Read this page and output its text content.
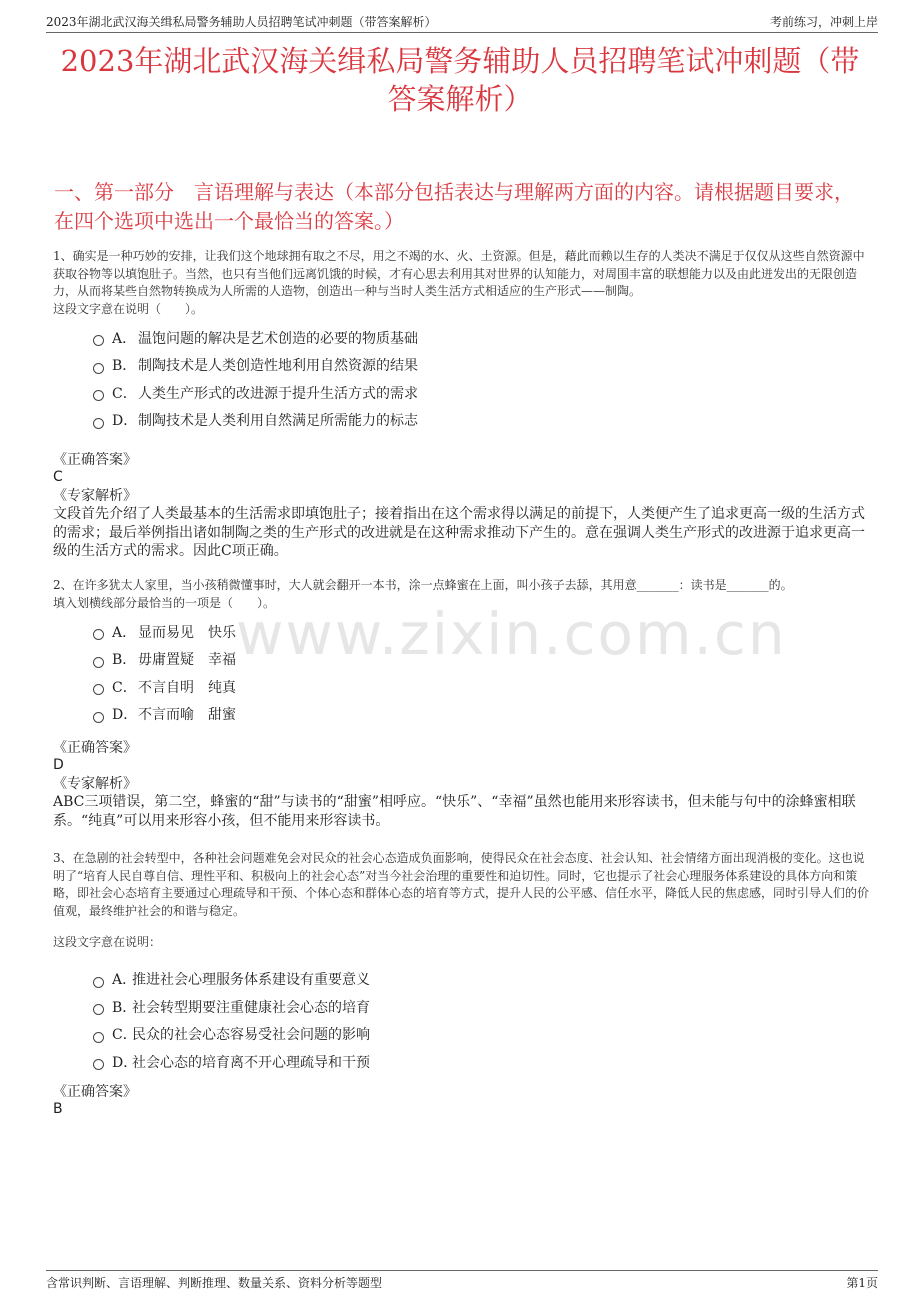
2023年湖北武汉海关缉私局警务辅助人员招聘笔试冲刺题（带答案解析）	考前练习，冲刺上岸
2023年湖北武汉海关缉私局警务辅助人员招聘笔试冲刺题（带答案解析）
一、第一部分　言语理解与表达（本部分包括表达与理解两方面的内容。请根据题目要求，在四个选项中选出一个最恰当的答案。）
www.zixin.com.cn

1、确实是一种巧妙的安排，让我们这个地球拥有取之不尽，用之不竭的水、火、土资源。但是，藉此而赖以生存的人类决不满足于仅仅从这些自然资源中获取谷物等以填饱肚子。当然，也只有当他们远离饥饿的时候，才有心思去利用其对世界的认知能力，对周围丰富的联想能力以及由此迸发出的无限创造力，从而将某些自然物转换成为人所需的人造物，创造出一种与当时人类生活方式相适应的生产形式——制陶。

这段文字意在说明（　　）。

A． 温饱问题的解决是艺术创造的必要的物质基础
B． 制陶技术是人类创造性地利用自然资源的结果
C． 人类生产形式的改进源于提升生活方式的需求
D． 制陶技术是人类利用自然满足所需能力的标志
《正确答案》
C
《专家解析》
文段首先介绍了人类最基本的生活需求即填饱肚子；接着指出在这个需求得以满足的前提下，人类便产生了追求更高一级的生活方式的需求；最后举例指出诸如制陶之类的生产形式的改进就是在这种需求推动下产生的。意在强调人类生产形式的改进源于追求更高一级的生活方式的需求。因此C项正确。

2、在许多犹太人家里，当小孩稍微懂事时，大人就会翻开一本书，涂一点蜂蜜在上面，叫小孩子去舔，其用意_______：读书是_______的。

填入划横线部分最恰当的一项是（　　）。

A． 显而易见　快乐
B． 毋庸置疑　幸福
C． 不言自明　纯真
D． 不言而喻　甜蜜
《正确答案》
D
《专家解析》
ABC三项错误，第二空，蜂蜜的“甜”与读书的“甜蜜”相呼应。“快乐”、“幸福”虽然也能用来形容读书，但未能与句中的涂蜂蜜相联系。“纯真”可以用来形容小孩，但不能用来形容读书。

3、在急剧的社会转型中，各种社会问题难免会对民众的社会心态造成负面影响，使得民众在社会态度、社会认知、社会情绪方面出现消极的变化。这也说明了“培育人民自尊自信、理性平和、积极向上的社会心态”对当今社会治理的重要性和迫切性。同时，它也提示了社会心理服务体系建设的具体方向和策略，即社会心态培育主要通过心理疏导和干预、个体心态和群体心态的培育等方式，提升人民的公平感、信任水平，降低人民的焦虑感，同时引导人们的价值观，最终维护社会的和谐与稳定。

这段文字意在说明：

A．
推进社会心理服务体系建设有重要意义
B．
社会转型期要注重健康社会心态的培育
C．
民众的社会心态容易受社会问题的影响
D．
社会心态的培育离不开心理疏导和干预
《正确答案》
B
含常识判断、言语理解、判断推理、数量关系、资料分析等题型	第1页
